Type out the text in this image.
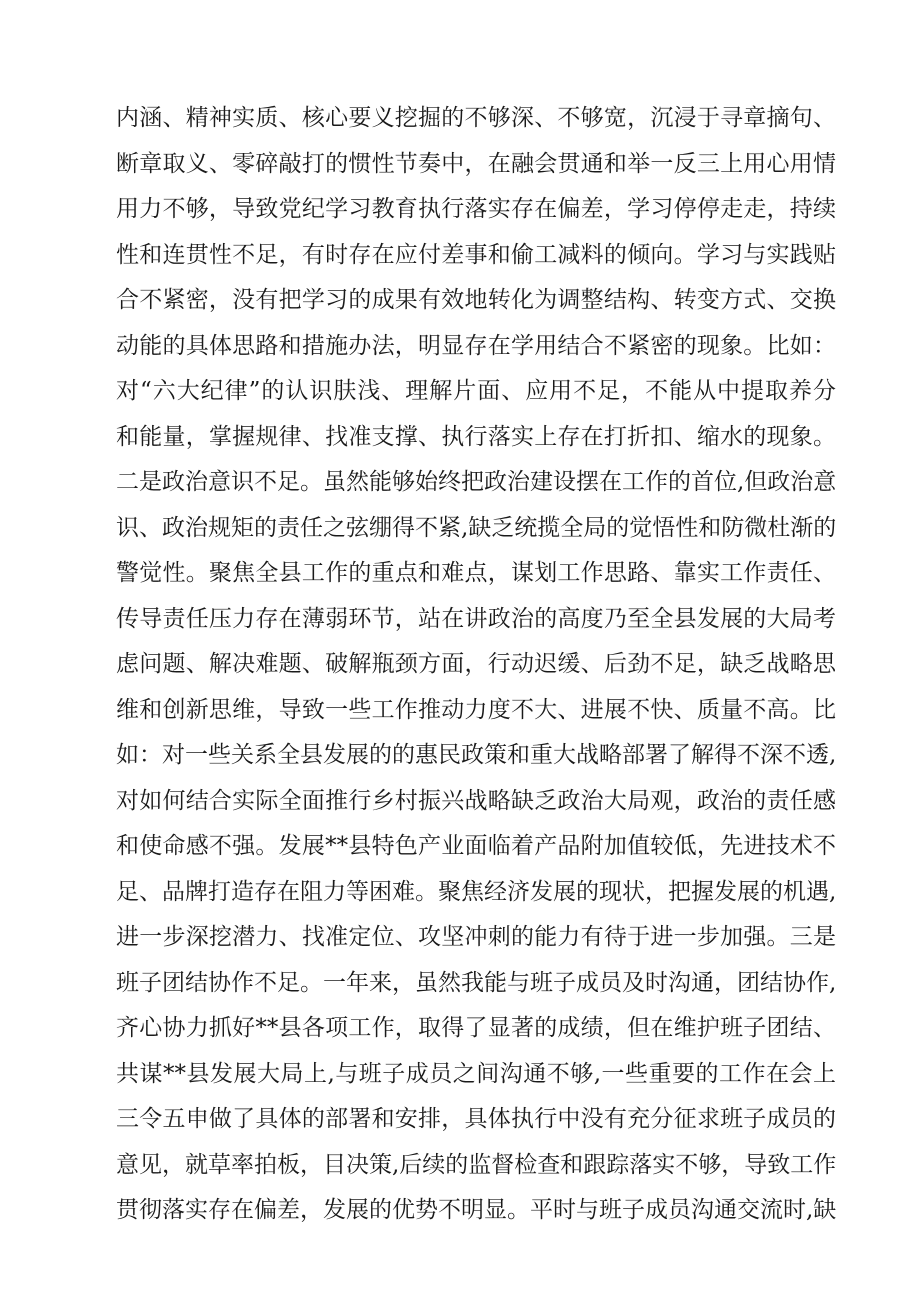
内涵、精神实质、核心要义挖掘的不够深、不够宽，沉浸于寻章摘句、
断章取义、零碎敲打的惯性节奏中，在融会贯通和举一反三上用心用情
用力不够，导致党纪学习教育执行落实存在偏差，学习停停走走，持续
性和连贯性不足，有时存在应付差事和偷工减料的倾向。学习与实践贴
合不紧密，没有把学习的成果有效地转化为调整结构、转变方式、交换
动能的具体思路和措施办法，明显存在学用结合不紧密的现象。比如：
对“六大纪律”的认识肤浅、理解片面、应用不足，不能从中提取养分
和能量，掌握规律、找准支撑、执行落实上存在打折扣、缩水的现象。
二是政治意识不足。虽然能够始终把政治建设摆在工作的首位,但政治意
识、政治规矩的责任之弦绷得不紧,缺乏统揽全局的觉悟性和防微杜渐的
警觉性。聚焦全县工作的重点和难点，谋划工作思路、靠实工作责任、
传导责任压力存在薄弱环节，站在讲政治的高度乃至全县发展的大局考
虑问题、解决难题、破解瓶颈方面，行动迟缓、后劲不足，缺乏战略思
维和创新思维，导致一些工作推动力度不大、进展不快、质量不高。比
如：对一些关系全县发展的的惠民政策和重大战略部署了解得不深不透,
对如何结合实际全面推行乡村振兴战略缺乏政治大局观，政治的责任感
和使命感不强。发展**县特色产业面临着产品附加值较低，先进技术不
足、品牌打造存在阻力等困难。聚焦经济发展的现状，把握发展的机遇,
进一步深挖潜力、找准定位、攻坚冲刺的能力有待于进一步加强。三是
班子团结协作不足。一年来，虽然我能与班子成员及时沟通，团结协作,
齐心协力抓好**县各项工作，取得了显著的成绩，但在维护班子团结、
共谋**县发展大局上,与班子成员之间沟通不够,一些重要的工作在会上
三令五申做了具体的部署和安排，具体执行中没有充分征求班子成员的
意见，就草率拍板，目决策,后续的监督检查和跟踪落实不够，导致工作
贯彻落实存在偏差，发展的优势不明显。平时与班子成员沟通交流时,缺
